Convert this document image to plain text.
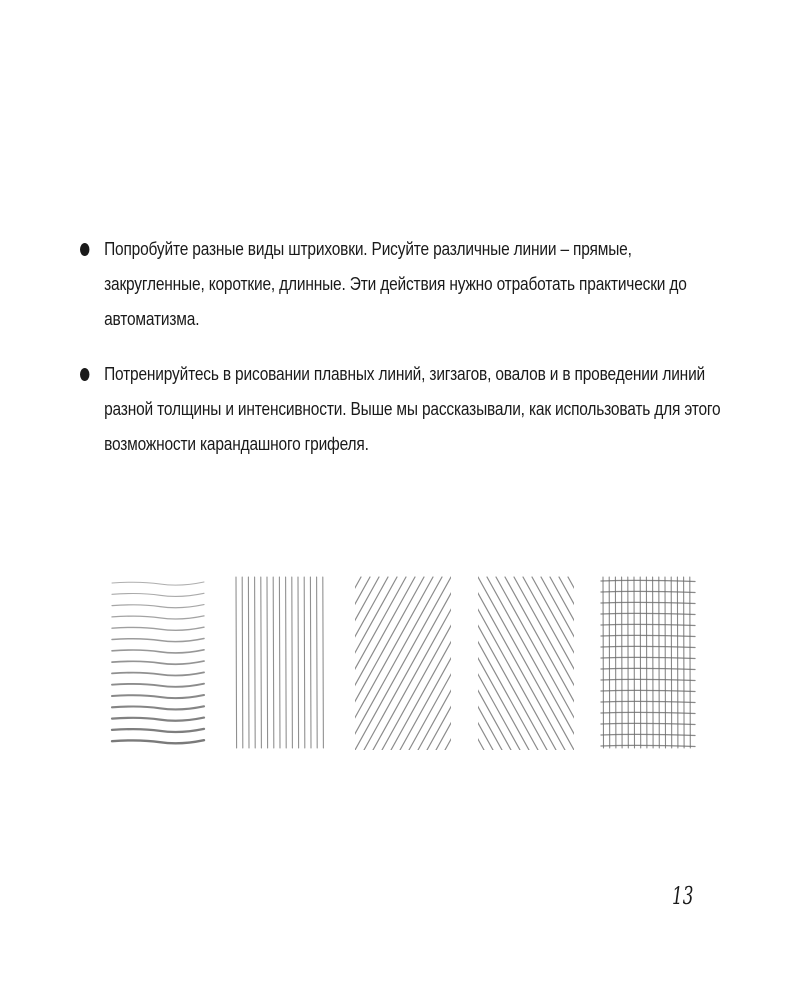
Попробуйте разные виды штриховки. Рисуйте различные линии – прямые, закругленные, короткие, длинные. Эти действия нужно отработать практически до автоматизма.
Потренируйтесь в рисовании плавных линий, зигзагов, овалов и в проведении линий разной толщины и интенсивности. Выше мы рассказывали, как использовать для этого возможности карандашного грифеля.
13
